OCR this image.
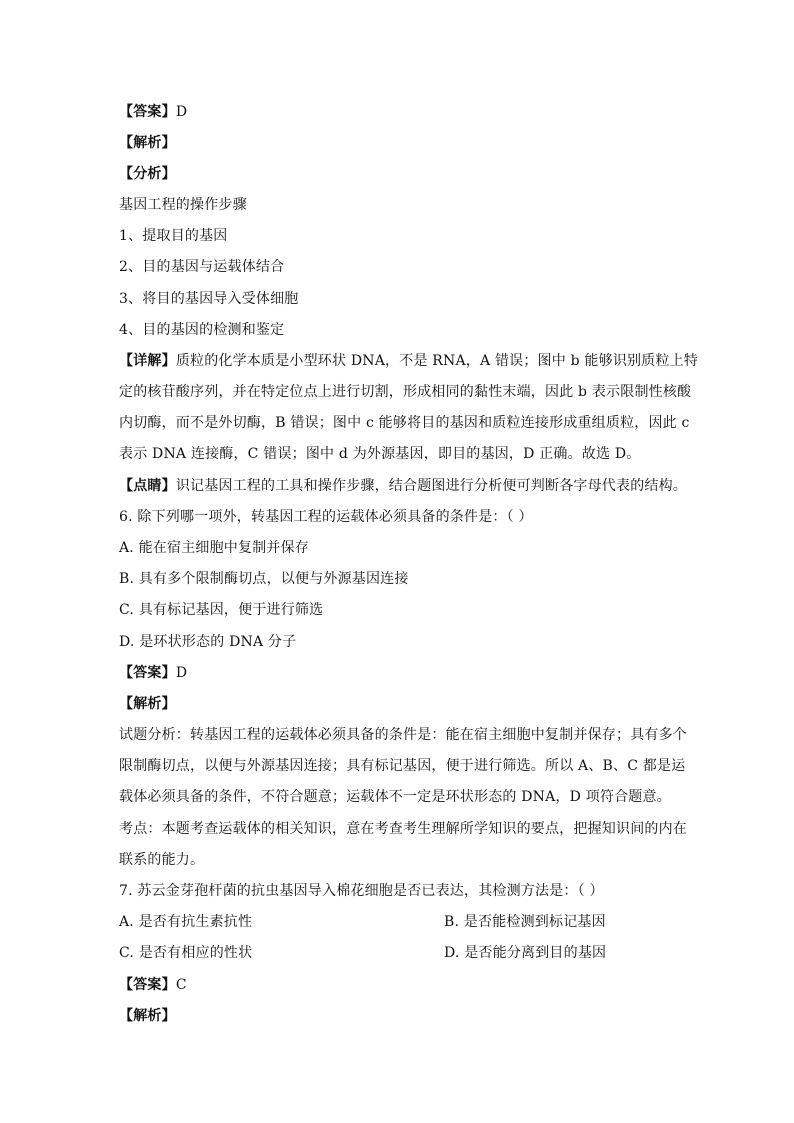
【答案】D
【解析】
【分析】
基因工程的操作步骤
1、提取目的基因
2、目的基因与运载体结合
3、将目的基因导入受体细胞
4、目的基因的检测和鉴定
【详解】质粒的化学本质是小型环状 DNA，不是 RNA，A 错误；图中 b 能够识别质粒上特
定的核苷酸序列，并在特定位点上进行切割，形成相同的黏性末端，因此 b 表示限制性核酸
内切酶，而不是外切酶，B 错误；图中 c 能够将目的基因和质粒连接形成重组质粒，因此 c
表示 DNA 连接酶，C 错误；图中 d 为外源基因，即目的基因，D 正确。故选 D。
【点睛】识记基因工程的工具和操作步骤，结合题图进行分析便可判断各字母代表的结构。
6. 除下列哪一项外，转基因工程的运载体必须具备的条件是：（ ）
A. 能在宿主细胞中复制并保存
B. 具有多个限制酶切点，以便与外源基因连接
C. 具有标记基因，便于进行筛选
D. 是环状形态的 DNA 分子
【答案】D
【解析】
试题分析：转基因工程的运载体必须具备的条件是：能在宿主细胞中复制并保存；具有多个
限制酶切点，以便与外源基因连接；具有标记基因，便于进行筛选。所以 A、B、C 都是运
载体必须具备的条件，不符合题意；运载体不一定是环状形态的 DNA，D 项符合题意。
考点：本题考查运载体的相关知识，意在考查考生理解所学知识的要点，把握知识间的内在
联系的能力。
7. 苏云金芽孢杆菌的抗虫基因导入棉花细胞是否已表达，其检测方法是：（ ）
A. 是否有抗生素抗性	B. 是否能检测到标记基因
C. 是否有相应的性状	D. 是否能分离到目的基因
【答案】C
【解析】
